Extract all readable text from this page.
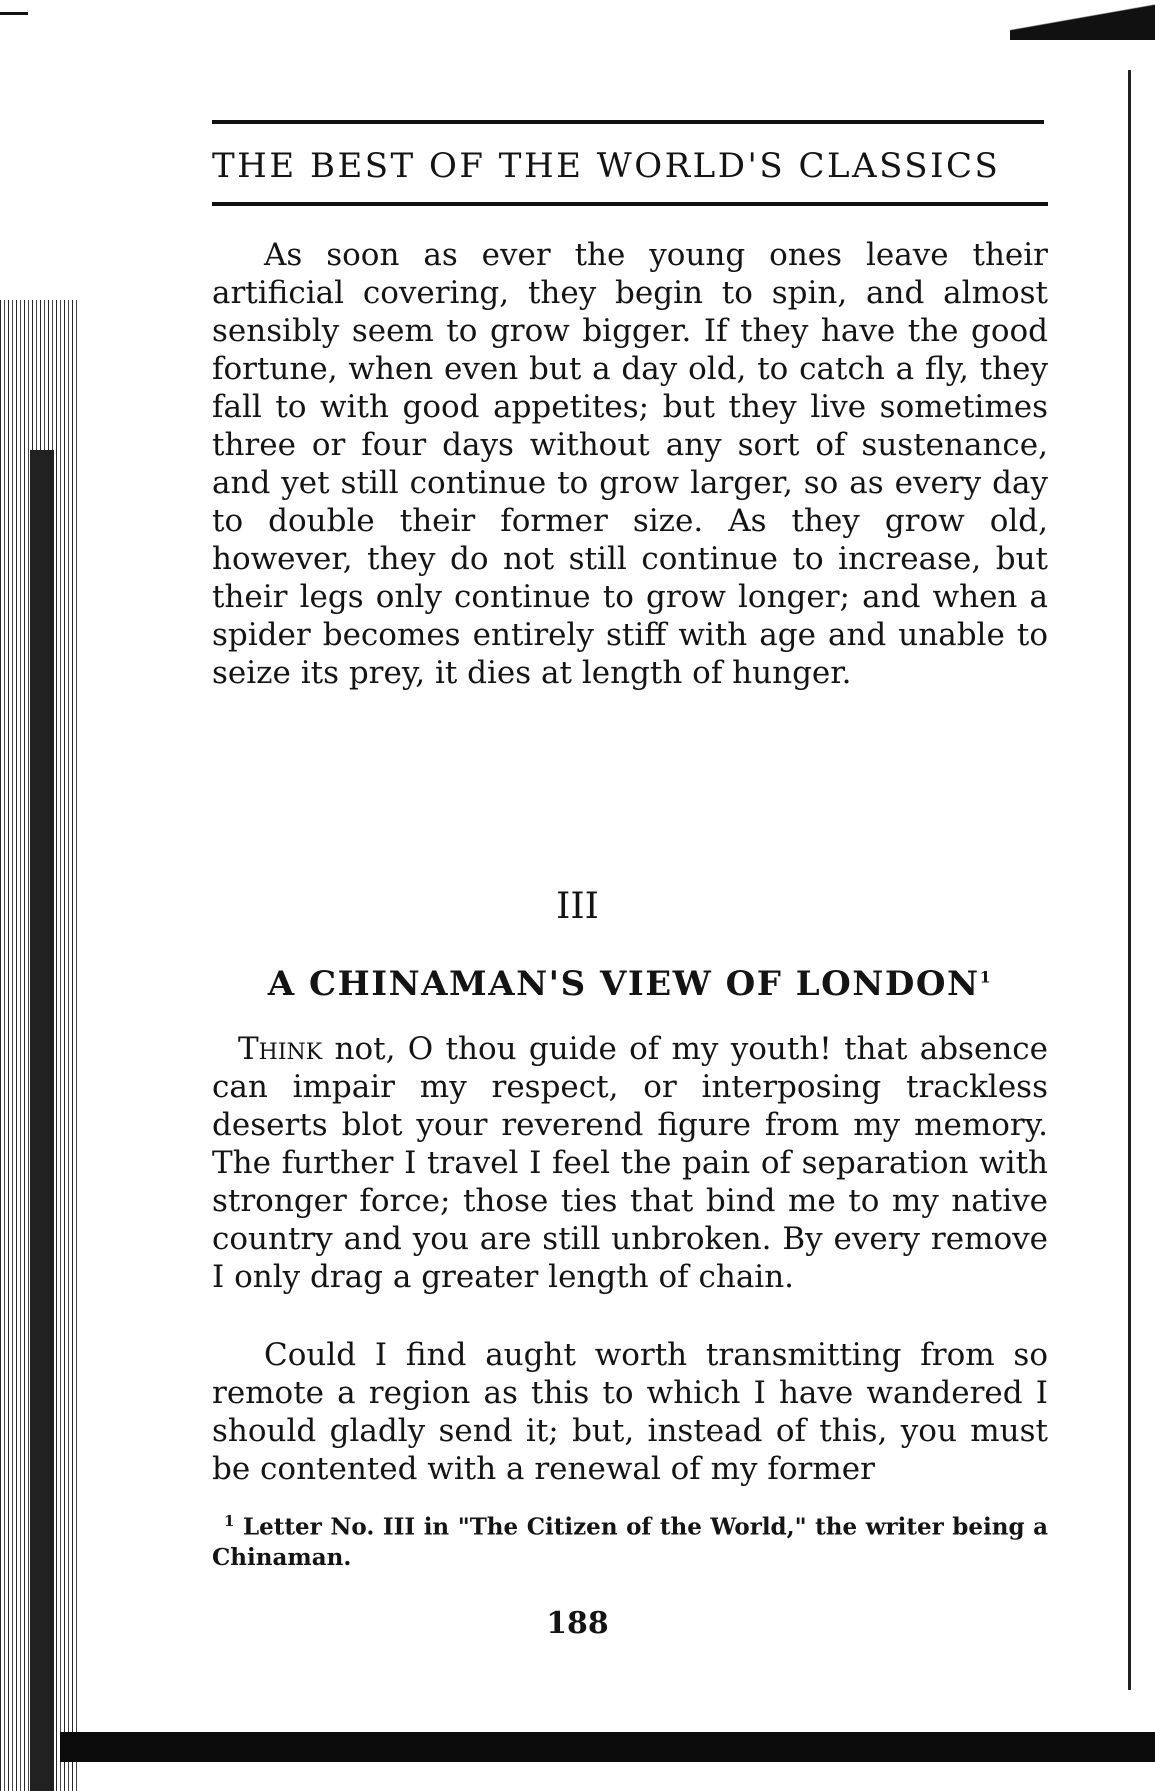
THE BEST OF THE WORLD'S CLASSICS

As soon as ever the young ones leave their artificial covering, they begin to spin, and almost sensibly seem to grow bigger. If they have the good fortune, when even but a day old, to catch a fly, they fall to with good appetites; but they live sometimes three or four days without any sort of sustenance, and yet still continue to grow larger, so as every day to double their former size. As they grow old, however, they do not still continue to increase, but their legs only continue to grow longer; and when a spider becomes entirely stiff with age and unable to seize its prey, it dies at length of hunger.

III
A CHINAMAN'S VIEW OF LONDON$^1$

Think not, O thou guide of my youth! that absence can impair my respect, or interposing trackless deserts blot your reverend figure from my memory. The further I travel I feel the pain of separation with stronger force; those ties that bind me to my native country and you are still unbroken. By every remove I only drag a greater length of chain.

Could I find aught worth transmitting from so remote a region as this to which I have wandered I should gladly send it; but, instead of this, you must be contented with a renewal of my former

$^1$ Letter No. III in "The Citizen of the World," the writer being a Chinaman.
188
